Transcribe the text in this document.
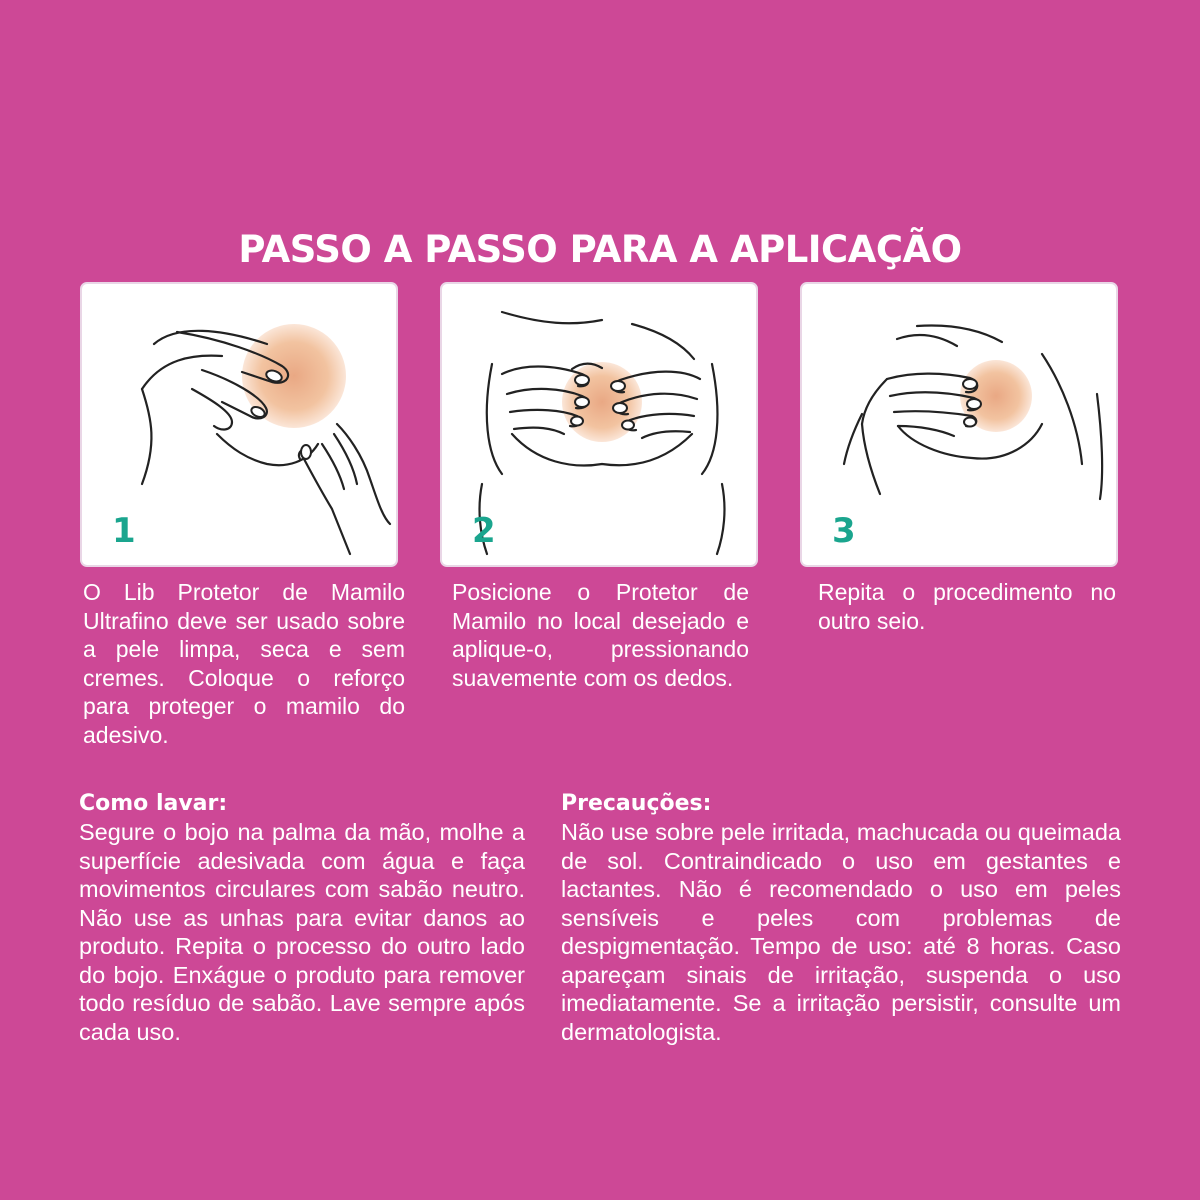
PASSO A PASSO PARA A APLICAÇÃO
1	2	3
O Lib Protetor de Mamilo Ultrafino deve ser usado sobre a pele limpa, seca e sem cremes. Coloque o reforço para proteger o mamilo do adesivo.
Posicione o Protetor de Mamilo no local desejado e aplique-o, pressionando suavemente com os dedos.
Repita o procedimento no outro seio.
Como lavar:

Segure o bojo na palma da mão, molhe a superfície adesivada com água e faça movimentos circulares com sabão neutro. Não use as unhas para evitar danos ao produto. Repita o processo do outro lado do bojo. Enxágue o produto para remover todo resíduo de sabão. Lave sempre após cada uso.

Precauções:

Não use sobre pele irritada, machucada ou queimada de sol. Contraindicado o uso em gestantes e lactantes. Não é recomendado o uso em peles sensíveis e peles com problemas de despigmentação. Tempo de uso: até 8 horas. Caso apareçam sinais de irritação, suspenda o uso imediatamente. Se a irritação persistir, consulte um dermatologista.
